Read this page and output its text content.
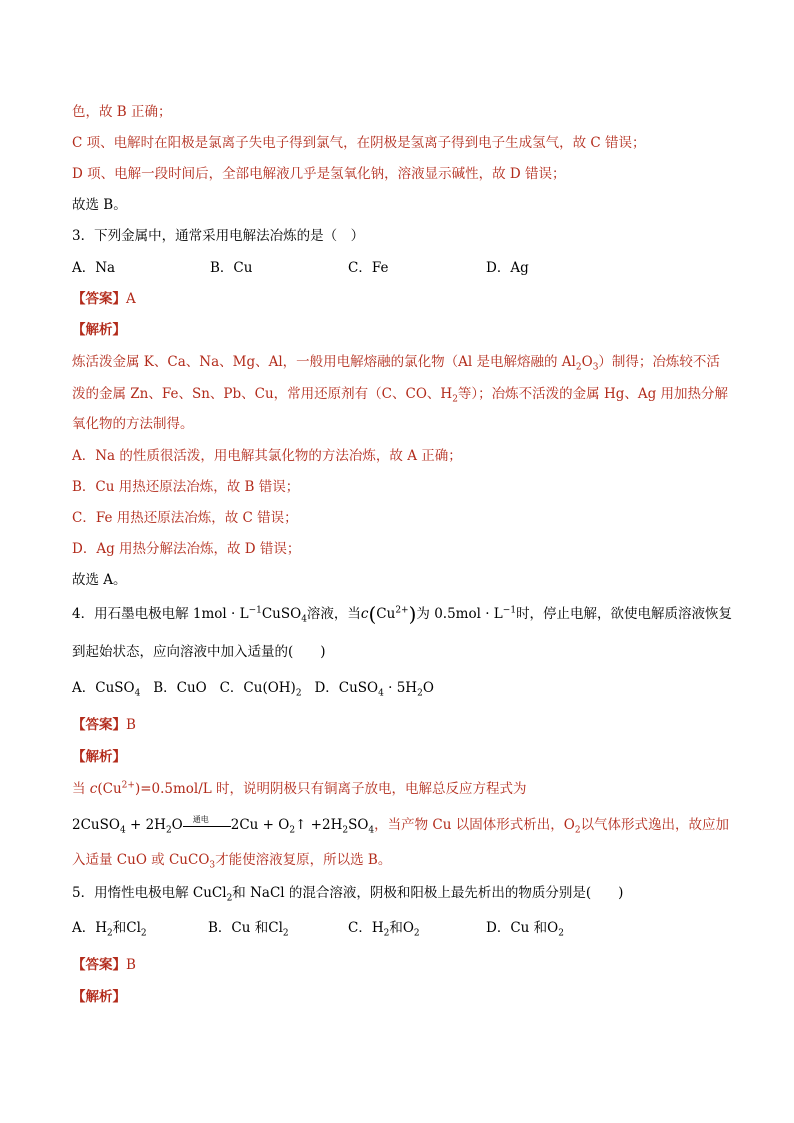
色，故 B 正确；
C 项、电解时在阳极是氯离子失电子得到氯气，在阴极是氢离子得到电子生成氢气，故 C 错误；
D 项、电解一段时间后，全部电解液几乎是氢氧化钠，溶液显示碱性，故 D 错误；
故选 B。
3．下列金属中，通常采用电解法冶炼的是（　）
A．Na	B．Cu	C．Fe	D．Ag
【答案】A
【解析】
炼活泼金属 K、Ca、Na、Mg、Al，一般用电解熔融的氯化物（Al 是电解熔融的 $Al_2O_3$）制得；冶炼较不活
泼的金属 Zn、Fe、Sn、Pb、Cu，常用还原剂有（C、CO、$H_2$等）；冶炼不活泼的金属 Hg、Ag 用加热分解
氧化物的方法制得。
A．Na 的性质很活泼，用电解其氯化物的方法冶炼，故 A 正确；
B．Cu 用热还原法冶炼，故 B 错误；
C．Fe 用热还原法冶炼，故 C 错误；
D．Ag 用热分解法冶炼，故 D 错误；
故选 A。
4．用石墨电极电解 $1mol \cdot L^{-1}CuSO_4$溶液，当$c(Cu^{2+})$为 $0.5mol \cdot L^{-1}$时，停止电解，欲使电解质溶液恢复
到起始状态，应向溶液中加入适量的(　　)
A．CuSO$_4$ B．CuO C．$Cu(OH)_2$ D．CuSO$_4$ · $5H_2O$
【答案】B
【解析】
当 $c(Cu^{2+})=0.5mol/L$ 时，说明阴极只有铜离子放电，电解总反应方程式为
2CuSO$_4$ + $2H_2O$ 通电 $2Cu + O_2↑ +2H_2SO_4$，当产物 Cu 以固体形式析出，$O_2$以气体形式逸出，故应加
入适量 CuO 或 CuCO$_3$才能使溶液复原，所以选 B。
5．用惰性电极电解 CuCl$_2$和 NaCl 的混合溶液，阴极和阳极上最先析出的物质分别是(　　)
A．$H_2$和$Cl_2$	B．Cu 和$Cl_2$	C．$H_2$和$O_2$	D．Cu 和$O_2$
【答案】B
【解析】
